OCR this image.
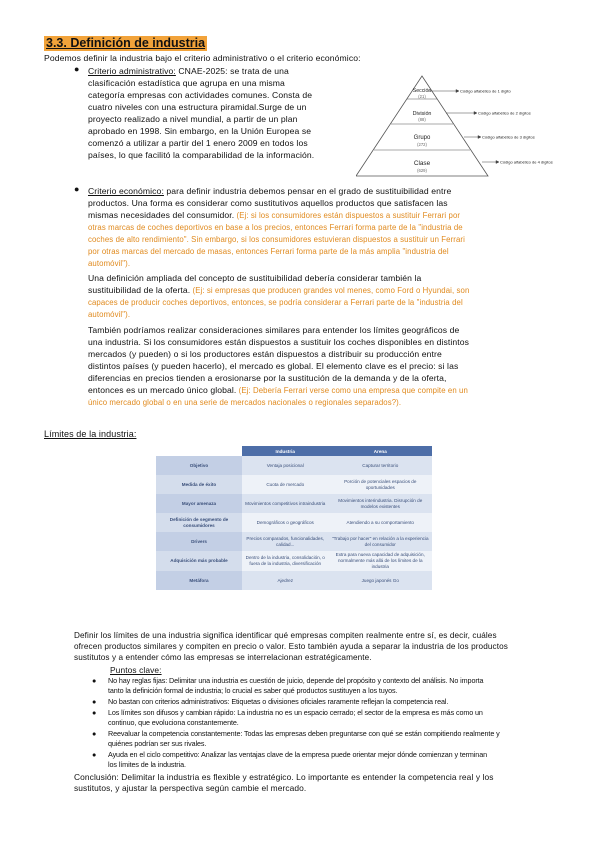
3.3. Definición de industria
Podemos definir la industria bajo el criterio administrativo o el criterio económico:
● Criterio administrativo: CNAE-2025: se trata de una
clasificación estadística que agrupa en una misma
categoría empresas con actividades comunes. Consta de
cuatro niveles con una estructura piramidal.Surge de un
proyecto realizado a nivel mundial, a partir de un plan
aprobado en 1998. Sin embargo, en la Unión Europea se
comenzó a utilizar a partir del 1 enero 2009 en todos los
países, lo que facilitó la comparabilidad de la información.
Sección
(21)
División
(88)
Grupo
(272)
Clase
(629)
Código alfabético de 1 dígito
Código alfabético de 2 dígitos
Código alfabético de 3 dígitos
Código alfabético de 4 dígitos
● Criterio económico: para definir industria debemos pensar en el grado de sustituibilidad entre
productos. Una forma es considerar como sustitutivos aquellos productos que satisfacen las
mismas necesidades del consumidor. (Ej: si los consumidores están dispuestos a sustituir Ferrari por
otras marcas de coches deportivos en base a los precios, entonces Ferrari forma parte de la "industria de
coches de alto rendimiento". Sin embargo, si los consumidores estuvieran dispuestos a sustituir un Ferrari
por otras marcas del mercado de masas, entonces Ferrari forma parte de la más amplia "industria del
automóvil").
Una definición ampliada del concepto de sustituibilidad debería considerar también la
sustituibilidad de la oferta. (Ej: si empresas que producen grandes vol menes, como Ford o Hyundai, son
capaces de producir coches deportivos, entonces, se podría considerar a Ferrari parte de la "industria del
automóvil").
También podríamos realizar consideraciones similares para entender los límites geográficos de
una industria. Si los consumidores están dispuestos a sustituir los coches disponibles en distintos
mercados (y pueden) o si los productores están dispuestos a distribuir su producción entre
distintos países (y pueden hacerlo), el mercado es global. El elemento clave es el precio: si las
diferencias en precios tienden a erosionarse por la sustitución de la demanda y de la oferta,
entonces es un mercado único global. (Ej: Debería Ferrari verse como una empresa que compite en un
único mercado global o en una serie de mercados nacionales o regionales separados?).
Límites de la industria:
	Industria	Arena
Objetivo	Ventaja posicional	Capturar territorio
Medida de éxito	Cuota de mercado	Porción de potenciales espacios de oportunidades
Mayor amenaza	Movimientos competitivos intraindustria	Movimientos interindustria. Disrupción de modelos existentes
Definición de segmento de consumidores	Demográficos o geográficos	Atendiendo a su comportamiento
Drivers	Precios comparados, funcionalidades, calidad...	"Trabajo por hacer" en relación a la experiencia del consumidor
Adquisición más probable	Dentro de la industria, consolidación, o fuera de la industria, diversificación	Extra para nueva capacidad de adquisición, normalmente más allá de los límites de la industria
Metáfora	Ajedrez	Juego japonés Go
Definir los límites de una industria significa identificar qué empresas compiten realmente entre sí, es decir, cuáles
ofrecen productos similares y compiten en precio o valor. Esto también ayuda a separar la industria de los productos
sustitutos y a entender cómo las empresas se interrelacionan estratégicamente.
Puntos clave:
● No hay reglas fijas: Delimitar una industria es cuestión de juicio, depende del propósito y contexto del análisis. No importa
tanto la definición formal de industria; lo crucial es saber qué productos sustituyen a los tuyos.
● No bastan con criterios administrativos: Etiquetas o divisiones oficiales raramente reflejan la competencia real.
● Los límites son difusos y cambian rápido: La industria no es un espacio cerrado; el sector de la empresa es más como un
continuo, que evoluciona constantemente.
● Reevaluar la competencia constantemente: Todas las empresas deben preguntarse con qué se están compitiendo realmente y
quiénes podrían ser sus rivales.
● Ayuda en el ciclo competitivo: Analizar las ventajas clave de la empresa puede orientar mejor dónde comienzan y terminan
los límites de la industria.
Conclusión: Delimitar la industria es flexible y estratégico. Lo importante es entender la competencia real y los
sustitutos, y ajustar la perspectiva según cambie el mercado.
